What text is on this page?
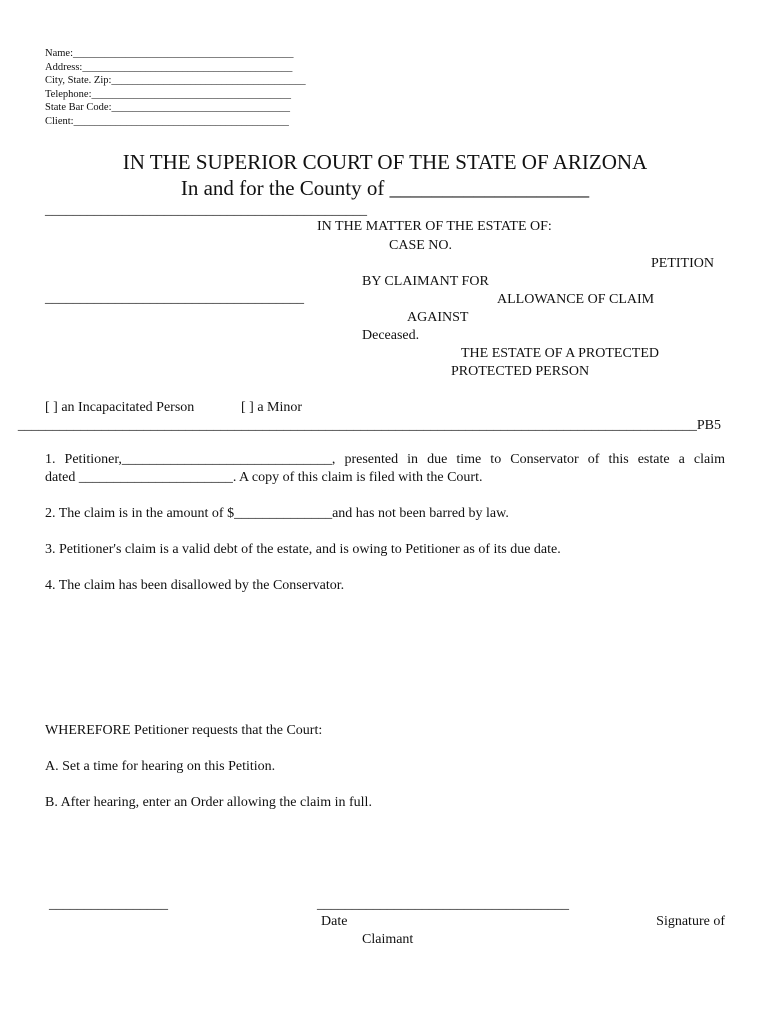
Name:__________________________________________
Address:________________________________________
City, State. Zip:_____________________________________
Telephone:______________________________________
State Bar Code:__________________________________
Client:_________________________________________
IN THE SUPERIOR COURT OF THE STATE OF ARIZONA
In and for the County of ___________________
______________________________________________
IN THE MATTER OF THE ESTATE OF:
CASE NO.
PETITION
BY CLAIMANT FOR
_____________________________________	ALLOWANCE OF CLAIM
AGAINST
Deceased.
THE ESTATE OF A PROTECTED
PROTECTED PERSON
[ ] an Incapacitated Person	[ ] a Minor
_________________________________________________________________________________________________PB5
1. Petitioner,______________________________, presented in due time to Conservator of this estate a claim
dated ______________________. A copy of this claim is filed with the Court.
2. The claim is in the amount of $______________and has not been barred by law.
3. Petitioner's claim is a valid debt of the estate, and is owing to Petitioner as of its due date.
4. The claim has been disallowed by the Conservator.
WHEREFORE Petitioner requests that the Court:
A. Set a time for hearing on this Petition.
B. After hearing, enter an Order allowing the claim in full.
_________________	____________________________________
Date	Signature of
Claimant
